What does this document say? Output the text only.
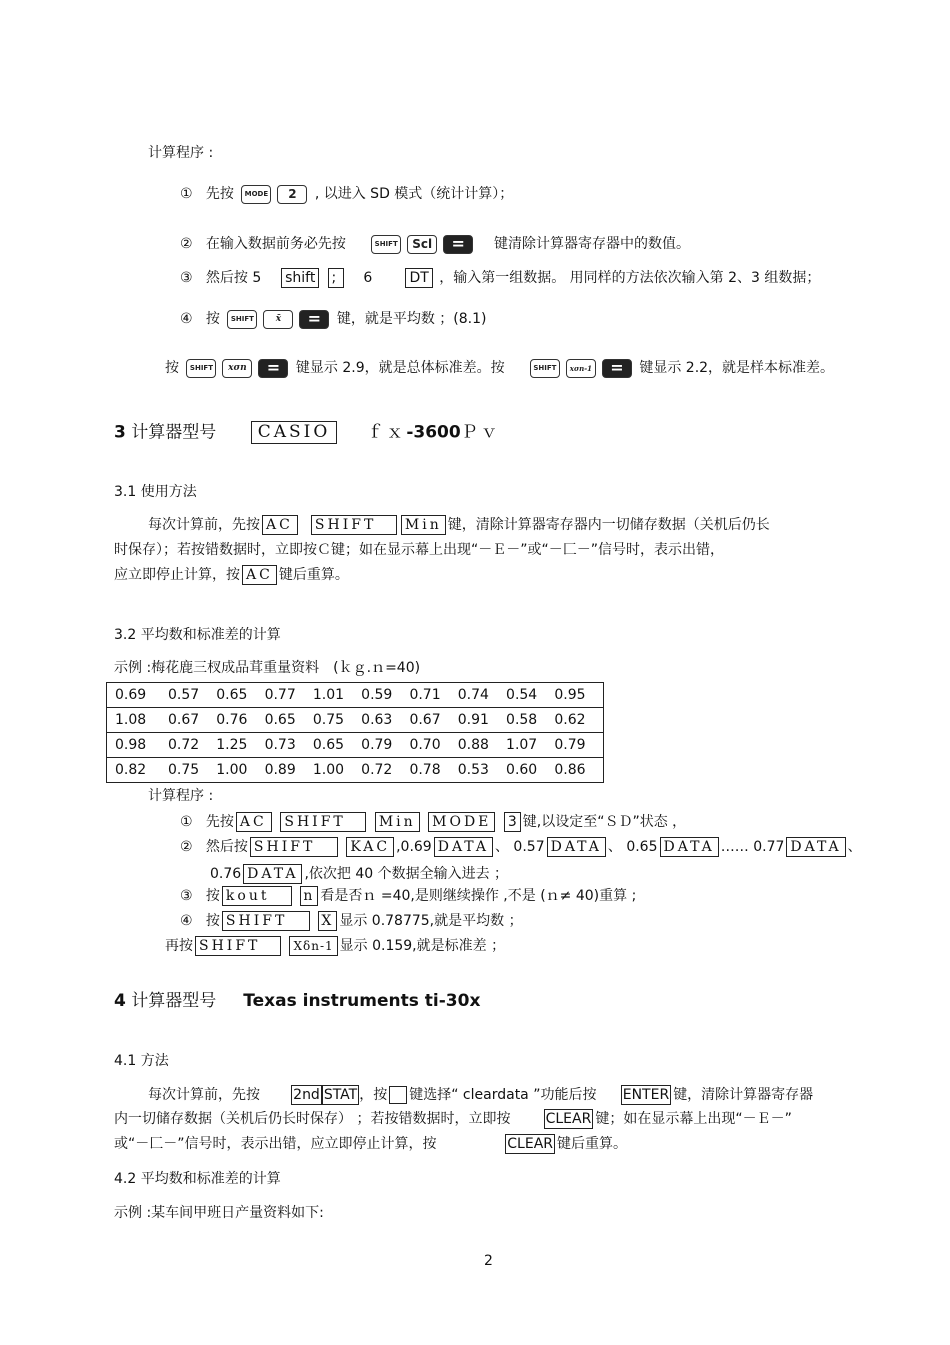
计算程序 :
① 先按 MODE 2 , 以进入 SD 模式（统计计算）；
② 在输入数据前务必先按	SHIFT Scl = 键清除计算器寄存器中的数值。
③ 然后按 5 shift ; 6	DT ，输入第一组数据。 用同样的方法依次输入第 2、3 组数据；
④ 按 SHIFT x̄ = 键，就是平均数 ；(8.1)
按 SHIFT xσn = 键显示 2.9，就是总体标准差。按	SHIFT xσn-1 = 键显示 2.2，就是样本标准差。
3 计算器型号 CASIO ｆｘ-3600Ｐｖ
3.1 使用方法
每次计算前，先按 AC SHIFT Min 键，清除计算器寄存器内一切储存数据（关机后仍长
时保存）；若按错数据时，立即按Ｃ键；如在显示幕上出现“－Ｅ－”或“－匚－”信号时，表示出错，
应立即停止计算，按 AC 键后重算。
3.2 平均数和标准差的计算
示例 :梅花鹿三杈成品茸重量资料　(ｋｇ.ｎ=40)
0.69	0.57	0.65	0.77	1.01	0.59	0.71	0.74	0.54	0.95
1.08	0.67	0.76	0.65	0.75	0.63	0.67	0.91	0.58	0.62
0.98	0.72	1.25	0.73	0.65	0.79	0.70	0.88	1.07	0.79
0.82	0.75	1.00	0.89	1.00	0.72	0.78	0.53	0.60	0.86
计算程序 :
① 先按 AC SHIFT Min MODE 3 键,以设定至“ＳＤ”状态 ，
② 然后按 SHIFT	KAC ,0.69 DATA 、 0.57 DATA 、 0.65 DATA …… 0.77 DATA 、
0.76 DATA ,依次把 40 个数据全输入进去 ；
③ 按 kout n 看是否ｎ =40,是则继续操作 ,不是 (ｎ≠ 40)重算 ;
④ 按 SHIFT X 显示 0.78775,就是平均数 ；
再按 SHIFT	Xδn-1 显示 0.159,就是标准差 ；
4 计算器型号 Texas instruments ti-30x
4.1 方法
每次计算前，先按 2nd STAT ，按 键选择“ cleardata ”功能后按 ENTER 键，清除计算器寄存器
内一切储存数据（关机后仍长时保存） ；若按错数据时，立即按	CLEAR 键；如在显示幕上出现“－Ｅ－”
或“－匚－”信号时，表示出错，应立即停止计算，按	CLEAR 键后重算。
4.2 平均数和标准差的计算
示例 :某车间甲班日产量资料如下:
2
